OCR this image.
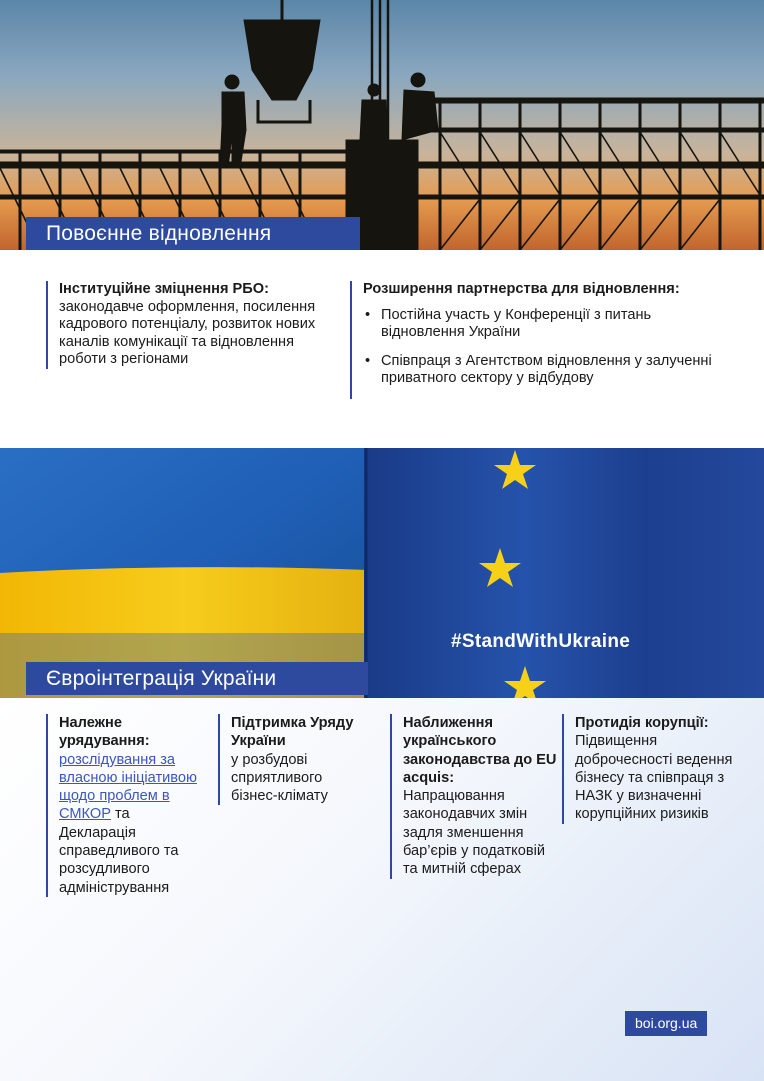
Повоєнне відновлення
Інституційне зміцнення РБО:
законодавче оформлення, посилення кадрового потенціалу, розвиток нових каналів комунікації та відновлення роботи з регіонами
Розширення партнерства для відновлення:
• Постійна участь у Конференції з питань відновлення України
• Співпраця з Агентством відновлення у залученні приватного сектору у відбудову
#StandWithUkraine
Євроінтеграція України
Належне урядування:
розслідування за власною ініціативою щодо проблем в СМКОР та Декларація справедливого та розсудливого адміністрування
Підтримка Уряду України
у розбудові сприятливого бізнес-клімату
Наближення українського законодавства до EU acquis:
Напрацювання законодавчих змін задля зменшення бар’єрів у податковій та митній сферах
Протидія корупції:
Підвищення доброчесності ведення бізнесу та співпраця з НАЗК у визначенні корупційних ризиків
boi.org.ua
